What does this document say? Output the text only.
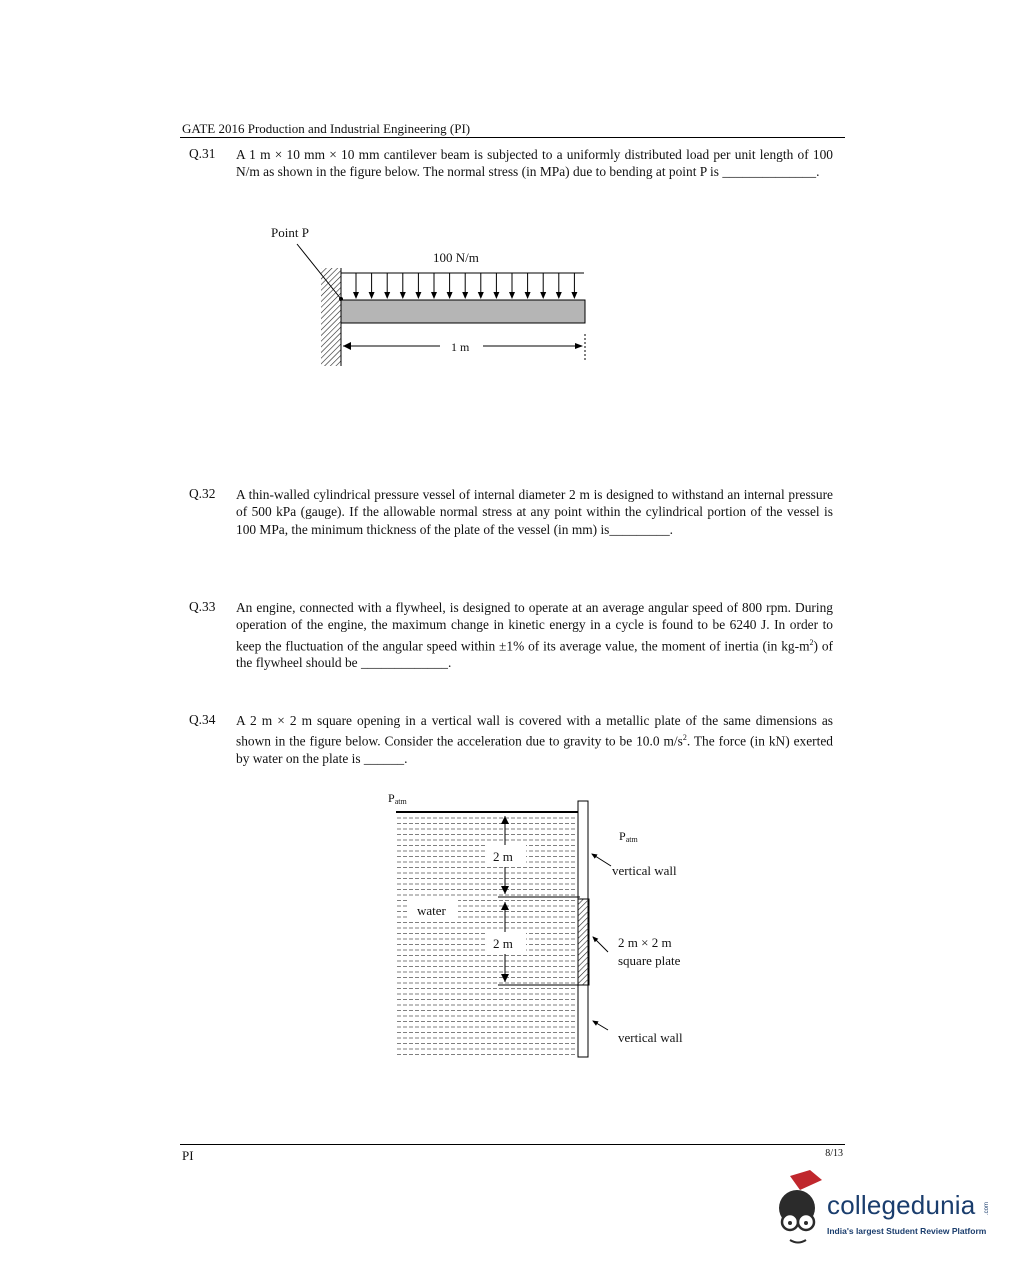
GATE 2016 Production and Industrial Engineering (PI)
Q.31 A 1 m × 10 mm × 10 mm cantilever beam is subjected to a uniformly distributed load per unit length of 100 N/m as shown in the figure below. The normal stress (in MPa) due to bending at point P is ______________.
Point P
100 N/m
1 m
Patm
2 m
2 m
water
Patm
vertical wall
2 m × 2 m
square plate
vertical wall
Q.32 A thin-walled cylindrical pressure vessel of internal diameter 2 m is designed to withstand an internal pressure of 500 kPa (gauge). If the allowable normal stress at any point within the cylindrical portion of the vessel is 100 MPa, the minimum thickness of the plate of the vessel (in mm) is_________.
Q.33 An engine, connected with a flywheel, is designed to operate at an average angular speed of 800 rpm. During operation of the engine, the maximum change in kinetic energy in a cycle is found to be 6240 J. In order to keep the fluctuation of the angular speed within ±1% of its average value, the moment of inertia (in $kg-m^2$) of the flywheel should be _____________.
Q.34 A 2 m × 2 m square opening in a vertical wall is covered with a metallic plate of the same dimensions as shown in the figure below. Consider the acceleration due to gravity to be 10.0 $m/s^2$. The force (in kN) exerted by water on the plate is ______.
PI	8/13
collegedunia
India's largest Student Review Platform
.com
